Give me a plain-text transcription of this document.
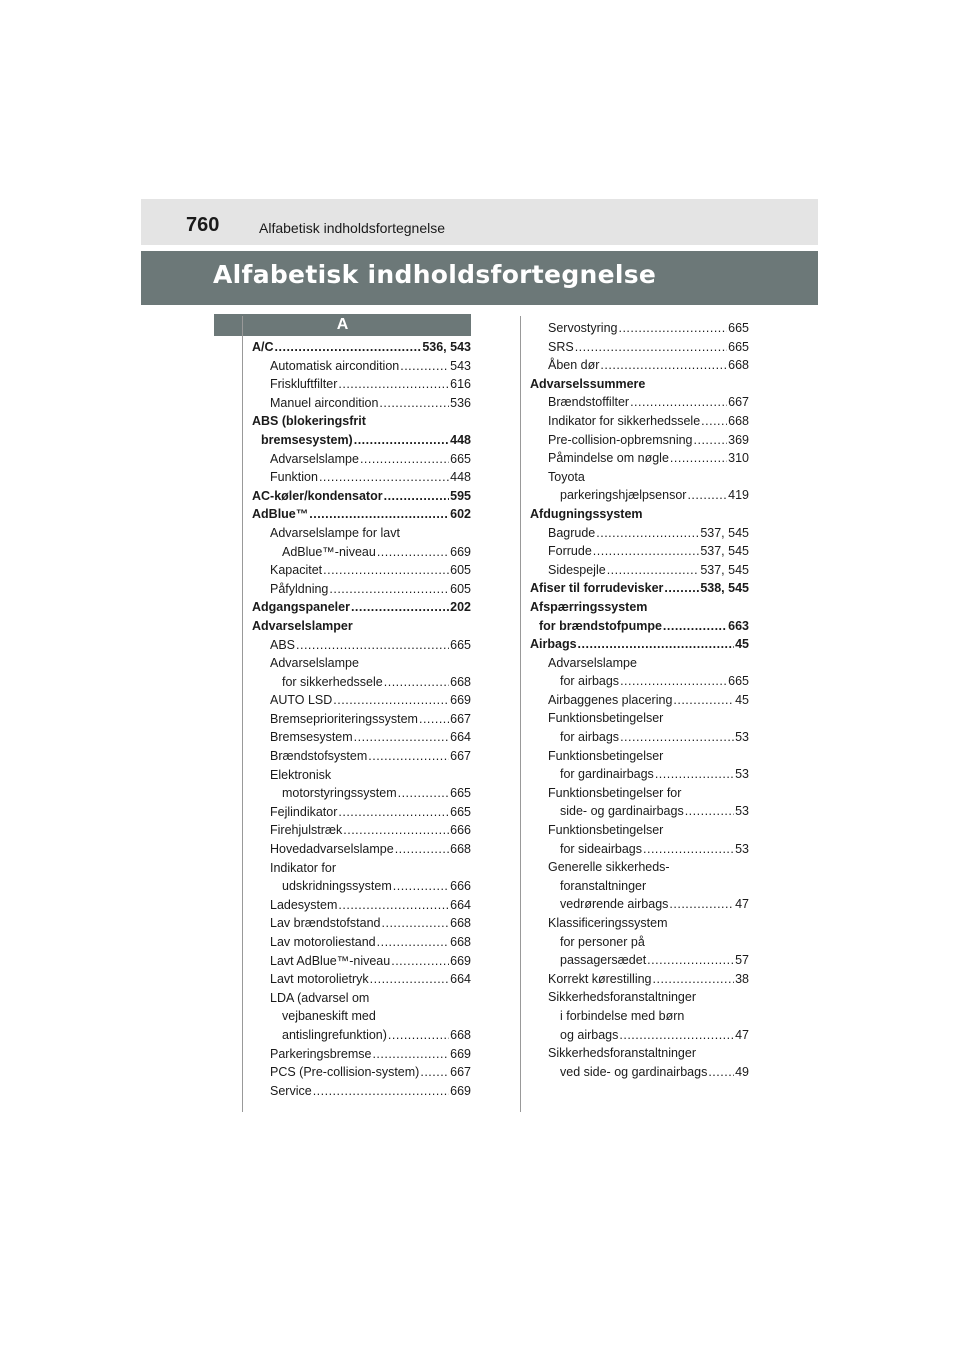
760	Alfabetisk indholdsfortegnelse
Alfabetisk indholdsfortegnelse
A
A/C .....	536, 543
Automatisk aircondition .....	543
Friskluftfilter .....	616
Manuel aircondition .....	536
ABS (blokeringsfrit
bremsesystem) .....	448
Advarselslampe .....	665
Funktion .....	448
AC-køler/kondensator .....	595
AdBlue™ .....	602
Advarselslampe for lavt
AdBlue™-niveau .....	669
Kapacitet .....	605
Påfyldning .....	605
Adgangspaneler .....	202
Advarselslamper
ABS .....	665
Advarselslampe
for sikkerhedssele .....	668
AUTO LSD .....	669
Bremseprioriteringssystem .....	667
Bremsesystem .....	664
Brændstofsystem .....	667
Elektronisk
motorstyringssystem .....	665
Fejlindikator .....	665
Firehjulstræk .....	666
Hovedadvarselslampe .....	668
Indikator for
udskridningssystem .....	666
Ladesystem .....	664
Lav brændstofstand .....	668
Lav motoroliestand .....	668
Lavt AdBlue™-niveau .....	669
Lavt motorolietryk .....	664
LDA (advarsel om
vejbaneskift med
antislingrefunktion) .....	668
Parkeringsbremse .....	669
PCS (Pre-collision-system) ..... 667
Service .....	669
Servostyring .....	665
SRS .....	665
Åben dør .....	668
Advarselssummere
Brændstoffilter .....	667
Indikator for sikkerhedssele ..... 668
Pre-collision-opbremsning .....	369
Påmindelse om nøgle .....	310
Toyota
parkeringshjælpsensor .....	419
Afdugningssystem
Bagrude .....	537, 545
Forrude .....	537, 545
Sidespejle .....	537, 545
Afiser til forrudevisker .....	538, 545
Afspærringssystem
for brændstofpumpe .....	663
Airbags .....	45
Advarselslampe
for airbags .....	665
Airbaggenes placering .....	45
Funktionsbetingelser
for airbags .....	53
Funktionsbetingelser
for gardinairbags .....	53
Funktionsbetingelser for
side- og gardinairbags .....	53
Funktionsbetingelser
for sideairbags .....	53
Generelle sikkerheds-
foranstaltninger
vedrørende airbags .....	47
Klassificeringssystem
for personer på
passagersædet .....	57
Korrekt kørestilling .....	38
Sikkerhedsforanstaltninger
i forbindelse med børn
og airbags .....	47
Sikkerhedsforanstaltninger
ved side- og gardinairbags ..... 49
